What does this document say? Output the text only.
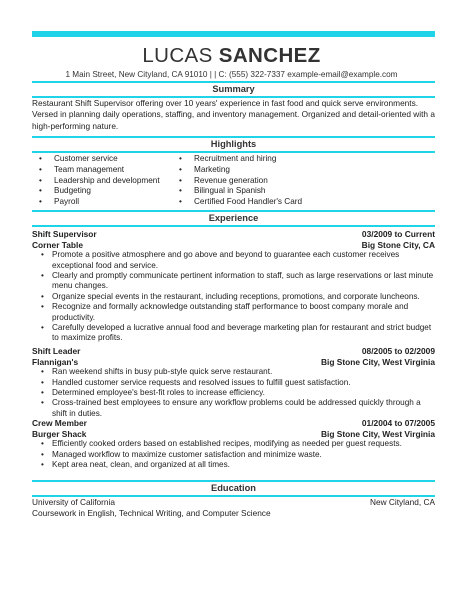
LUCAS SANCHEZ
1 Main Street, New Cityland, CA 91010 | | C: (555) 322-7337 example-email@example.com
Summary
Restaurant Shift Supervisor offering over 10 years' experience in fast food and quick serve environments. Versed in planning daily operations, staffing, and inventory management. Organized and detail-oriented with a high-performing nature.
Highlights
• Customer service
• Team management
• Leadership and development
• Budgeting
• Payroll
• Recruitment and hiring
• Marketing
• Revenue generation
• Bilingual in Spanish
• Certified Food Handler's Card
Experience
Shift Supervisor	03/2009 to Current
Corner Table	Big Stone City, CA
• Promote a positive atmosphere and go above and beyond to guarantee each customer receives exceptional food and service.
• Clearly and promptly communicate pertinent information to staff, such as large reservations or last minute menu changes.
• Organize special events in the restaurant, including receptions, promotions, and corporate luncheons.
• Recognize and formally acknowledge outstanding staff performance to boost company morale and productivity.
• Carefully developed a lucrative annual food and beverage marketing plan for restaurant and strict budget to maximize profits.
Shift Leader	08/2005 to 02/2009
Flannigan's	Big Stone City, West Virginia
• Ran weekend shifts in busy pub-style quick serve restaurant.
• Handled customer service requests and resolved issues to fulfill guest satisfaction.
• Determined employee's best-fit roles to increase efficiency.
• Cross-trained best employees to ensure any workflow problems could be addressed quickly through a shift in duties.
Crew Member	01/2004 to 07/2005
Burger Shack	Big Stone City, West Virginia
• Efficiently cooked orders based on established recipes, modifying as needed per guest requests.
• Managed workflow to maximize customer satisfaction and minimize waste.
• Kept area neat, clean, and organized at all times.
Education
University of California	New Cityland, CA
Coursework in English, Technical Writing, and Computer Science
